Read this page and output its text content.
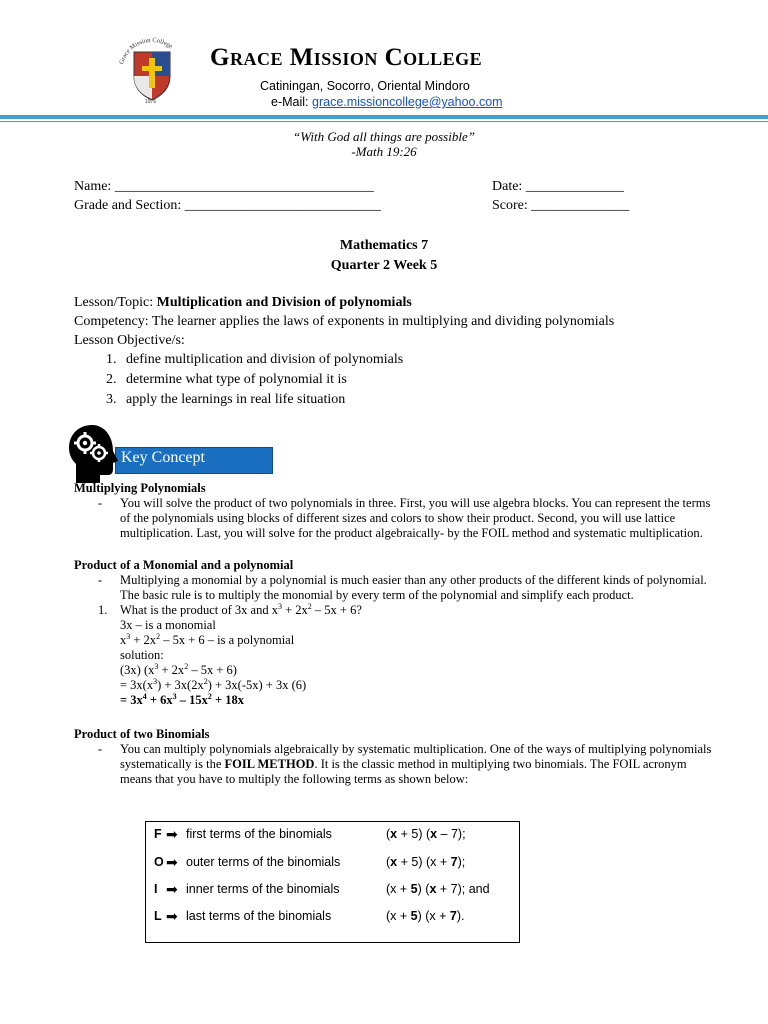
Grace Mission College
1976
Grace Mission College
Catiningan, Socorro, Oriental Mindoro
e-Mail: grace.missioncollege@yahoo.com
“With God all things are possible”
-Math 19:26
Name: _____________________________________
Grade and Section: ____________________________
Date: ______________
Score: ______________
Mathematics 7
Quarter 2 Week 5
Lesson/Topic: Multiplication and Division of polynomials
Competency: The learner applies the laws of exponents in multiplying and dividing polynomials
Lesson Objective/s:
1. define multiplication and division of polynomials
2. determine what type of polynomial it is
3. apply the learnings in real life situation
Key Concept
Multiplying Polynomials
- You will solve the product of two polynomials in three. First, you will use algebra blocks. You can represent the terms of the polynomials using blocks of different sizes and colors to show their product. Second, you will use lattice multiplication. Last, you will solve for the product algebraically- by the FOIL method and systematic multiplication.
Product of a Monomial and a polynomial
- Multiplying a monomial by a polynomial is much easier than any other products of the different kinds of polynomial. The basic rule is to multiply the monomial by every term of the polynomial and simplify each product.
1. What is the product of 3x and $x^3 + 2x^2 - 5x + 6$?
3x – is a monomial
$x^3 + 2x^2 - 5x + 6$ – is a polynomial
solution:
(3x) $(x^3 + 2x^2 - 5x + 6)$
= $3x(x^3) + 3x(2x^2) + 3x(-5x) + 3x$ (6)
= $3x^4 + 6x^3 - 15x^2 + 18x$
Product of two Binomials
- You can multiply polynomials algebraically by systematic multiplication. One of the ways of multiplying polynomials systematically is the FOIL METHOD. It is the classic method in multiplying two binomials. The FOIL acronym means that you have to multiply the following terms as shown below:
F ➡ first terms of the binomials	(x + 5) (x – 7);
O ➡ outer terms of the binomials	(x + 5) (x + 7);
I ➡ inner terms of the binomials	(x + 5) (x + 7); and
L ➡ last terms of the binomials	(x + 5) (x + 7).
